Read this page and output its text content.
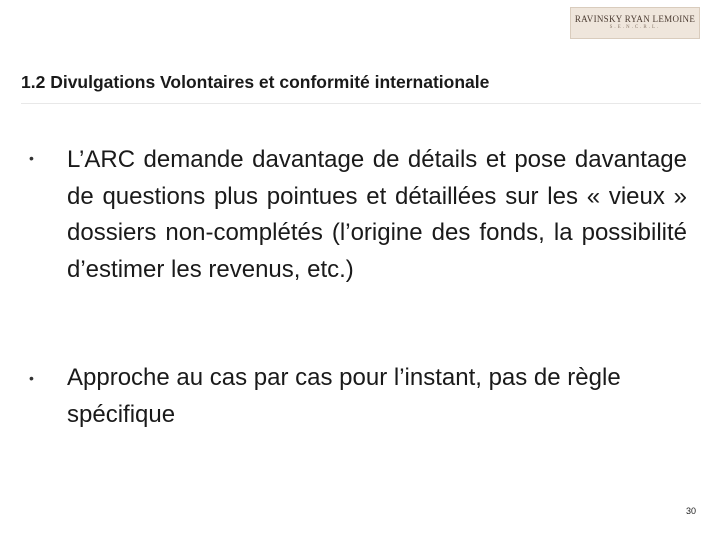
RAVINSKY RYAN LEMOINE
S.E.N.C.R.L.
1.2 Divulgations Volontaires et conformité internationale
• L’ARC demande davantage de détails et pose davantage de questions plus pointues et détaillées sur les « vieux » dossiers non-complétés (l’origine des fonds, la possibilité d’estimer les revenus, etc.)
• Approche au cas par cas pour l’instant, pas de règle spécifique
30
